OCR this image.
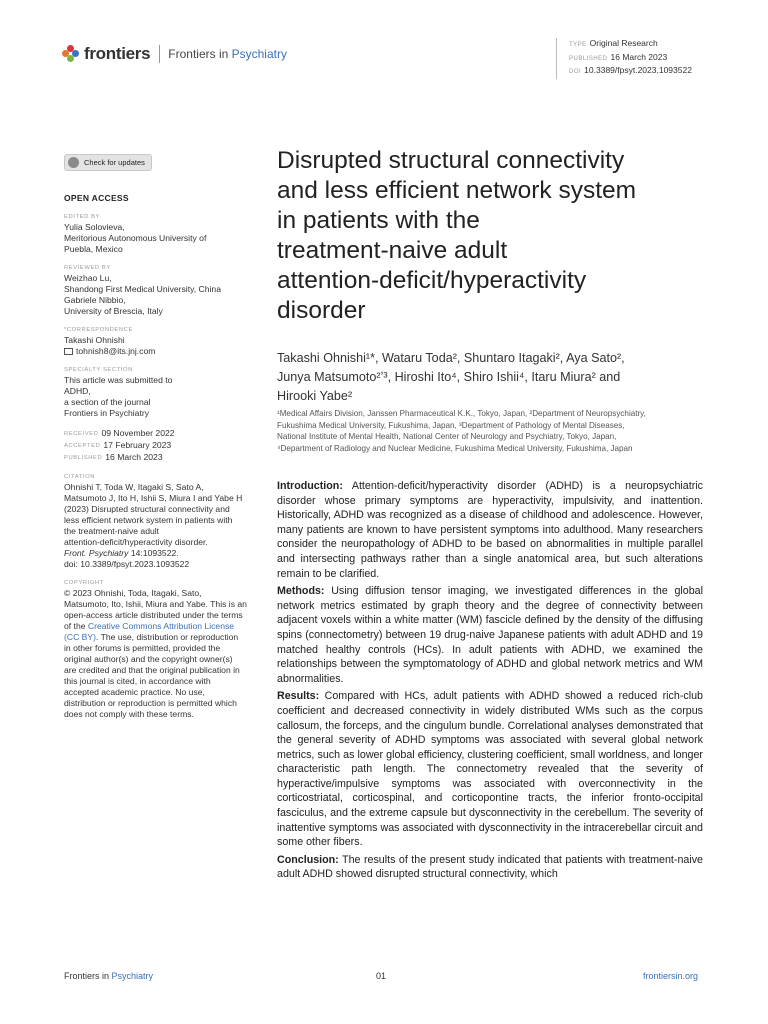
frontiers Frontiers in Psychiatry
TYPE Original Research
PUBLISHED 16 March 2023
DOI 10.3389/fpsyt.2023.1093522
Check for updates
OPEN ACCESS
EDITED BY
Yulia Solovieva,
Meritorious Autonomous University of
Puebla, Mexico
REVIEWED BY
Weizhao Lu,
Shandong First Medical University, China
Gabriele Nibbio,
University of Brescia, Italy
*CORRESPONDENCE
Takashi Ohnishi
tohnish8@its.jnj.com
SPECIALTY SECTION
This article was submitted to
ADHD,
a section of the journal
Frontiers in Psychiatry
RECEIVED 09 November 2022
ACCEPTED 17 February 2023
PUBLISHED 16 March 2023
CITATION
Ohnishi T, Toda W, Itagaki S, Sato A,
Matsumoto J, Ito H, Ishii S, Miura I and Yabe H
(2023) Disrupted structural connectivity and
less efficient network system in patients with
the treatment-naive adult
attention-deficit/hyperactivity disorder.
Front. Psychiatry 14:1093522.
doi: 10.3389/fpsyt.2023.1093522
COPYRIGHT
© 2023 Ohnishi, Toda, Itagaki, Sato,
Matsumoto, Ito, Ishii, Miura and Yabe. This is an
open-access article distributed under the terms
of the Creative Commons Attribution License
(CC BY). The use, distribution or reproduction
in other forums is permitted, provided the
original author(s) and the copyright owner(s)
are credited and that the original publication in
this journal is cited, in accordance with
accepted academic practice. No use,
distribution or reproduction is permitted which
does not comply with these terms.
Disrupted structural connectivity
and less efficient network system
in patients with the
treatment-naive adult
attention-deficit/hyperactivity
disorder
Takashi Ohnishi¹*, Wataru Toda², Shuntaro Itagaki², Aya Sato²,
Junya Matsumoto²ʼ³, Hiroshi Ito⁴, Shiro Ishii⁴, Itaru Miura² and
Hirooki Yabe²
¹Medical Affairs Division, Janssen Pharmaceutical K.K., Tokyo, Japan, ²Department of Neuropsychiatry,
Fukushima Medical University, Fukushima, Japan, ³Department of Pathology of Mental Diseases,
National Institute of Mental Health, National Center of Neurology and Psychiatry, Tokyo, Japan,
⁴Department of Radiology and Nuclear Medicine, Fukushima Medical University, Fukushima, Japan

Introduction: Attention-deficit/hyperactivity disorder (ADHD) is a neuropsychiatric disorder whose primary symptoms are hyperactivity, impulsivity, and inattention. Historically, ADHD was recognized as a disease of childhood and adolescence. However, many patients are known to have persistent symptoms into adulthood. Many researchers consider the neuropathology of ADHD to be based on abnormalities in multiple parallel and intersecting pathways rather than a single anatomical area, but such alterations remain to be clarified.

Methods: Using diffusion tensor imaging, we investigated differences in the global network metrics estimated by graph theory and the degree of connectivity between adjacent voxels within a white matter (WM) fascicle defined by the density of the diffusing spins (connectometry) between 19 drug-naive Japanese patients with adult ADHD and 19 matched healthy controls (HCs). In adult patients with ADHD, we examined the relationships between the symptomatology of ADHD and global network metrics and WM abnormalities.

Results: Compared with HCs, adult patients with ADHD showed a reduced rich-club coefficient and decreased connectivity in widely distributed WMs such as the corpus callosum, the forceps, and the cingulum bundle. Correlational analyses demonstrated that the general severity of ADHD symptoms was associated with several global network metrics, such as lower global efficiency, clustering coefficient, small worldness, and longer characteristic path length. The connectometry revealed that the severity of hyperactive/impulsive symptoms was associated with overconnectivity in the corticostriatal, corticospinal, and corticopontine tracts, the inferior fronto-occipital fasciculus, and the extreme capsule but dysconnectivity in the cerebellum. The severity of inattentive symptoms was associated with dysconnectivity in the intracerebellar circuit and some other fibers.

Conclusion: The results of the present study indicated that patients with treatment-naive adult ADHD showed disrupted structural connectivity, which

Frontiers in Psychiatry	01	frontiersin.org
